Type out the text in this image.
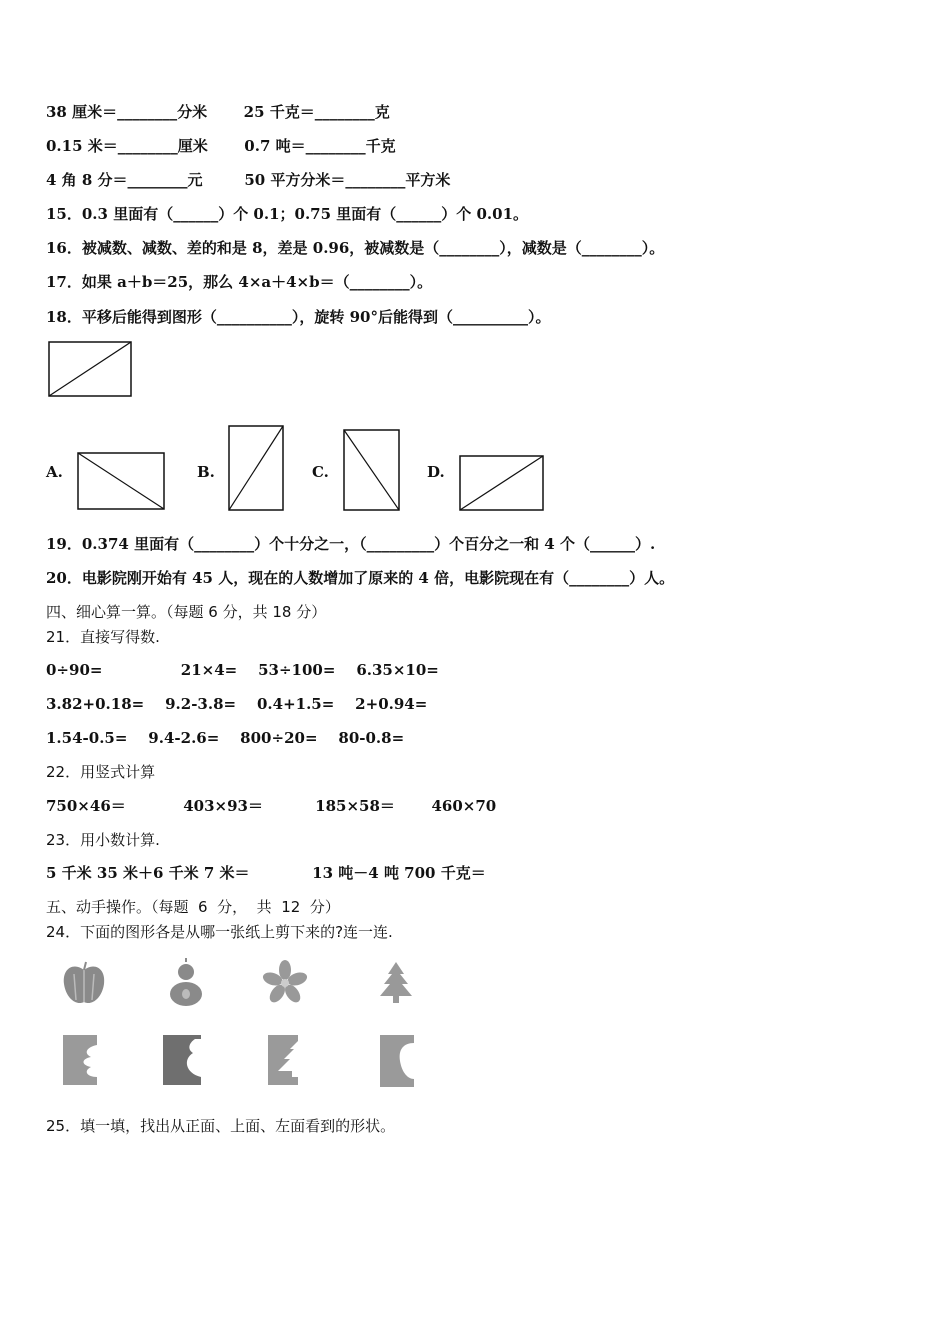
38 厘米＝________分米       25 千克＝________克
0.15 米＝________厘米       0.7 吨＝________千克
4 角 8 分＝________元        50 平方分米＝________平方米
15．0.3 里面有（______）个 0.1；0.75 里面有（______）个 0.01。
16．被减数、减数、差的和是 8，差是 0.96，被减数是（________），减数是（________）。
17．如果 a＋b＝25，那么 4×a＋4×b＝（________）。
18．平移后能得到图形（__________），旋转 90°后能得到（__________）。
A.	B.	C.	D.
19．0.374 里面有（________）个十分之一，（_________）个百分之一和 4 个（______）.
20．电影院刚开始有 45 人，现在的人数增加了原来的 4 倍，电影院现在有（________）人。
四、细心算一算。（每题 6 分，共 18 分）
21．直接写得数.
0÷90=               21×4=    53÷100=    6.35×10=
3.82+0.18=    9.2-3.8=    0.4+1.5=    2+0.94=
1.54-0.5=    9.4-2.6=    800÷20=    80-0.8=
22．用竖式计算
750×46＝           403×93＝          185×58＝       460×70
23．用小数计算.
5 千米 35 米＋6 千米 7 米＝            13 吨－4 吨 700 千克＝
五、动手操作。（每题  6  分，  共  12  分）
24．下面的图形各是从哪一张纸上剪下来的?连一连.
25．填一填，找出从正面、上面、左面看到的形状。
